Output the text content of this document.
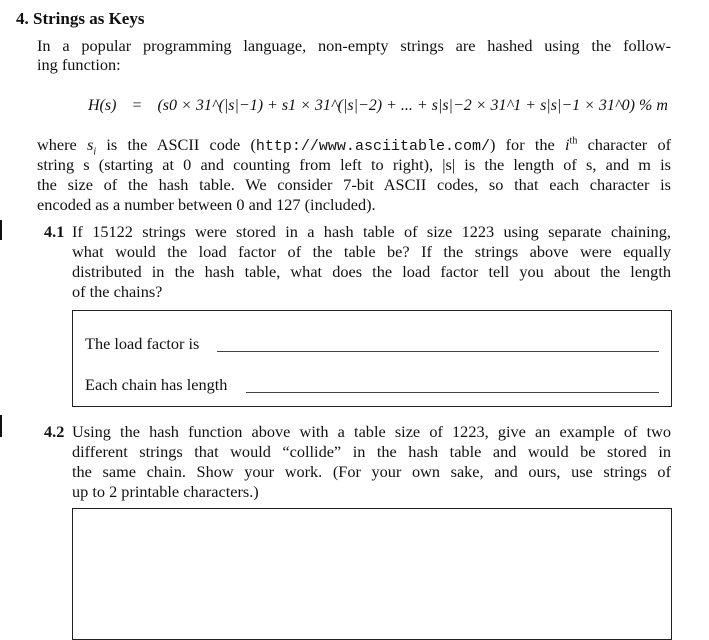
4. Strings as Keys
In a popular programming language, non-empty strings are hashed using the follow-
ing function:
H(s) = (s0 × 31^(|s|−1) + s1 × 31^(|s|−2) + ... + s|s|−2 × 31^1 + s|s|−1 × 31^0) % m
where $s_i$ is the ASCII code (http://www.asciitable.com/) for the $i^{th}$ character of
string s (starting at 0 and counting from left to right), |s| is the length of s, and m is
the size of the hash table. We consider 7-bit ASCII codes, so that each character is
encoded as a number between 0 and 127 (included).
4.1 If 15122 strings were stored in a hash table of size 1223 using separate chaining,
what would the load factor of the table be? If the strings above were equally
distributed in the hash table, what does the load factor tell you about the length
of the chains?
The load factor is
Each chain has length
4.2 Using the hash function above with a table size of 1223, give an example of two
different strings that would “collide” in the hash table and would be stored in
the same chain. Show your work. (For your own sake, and ours, use strings of
up to 2 printable characters.)
